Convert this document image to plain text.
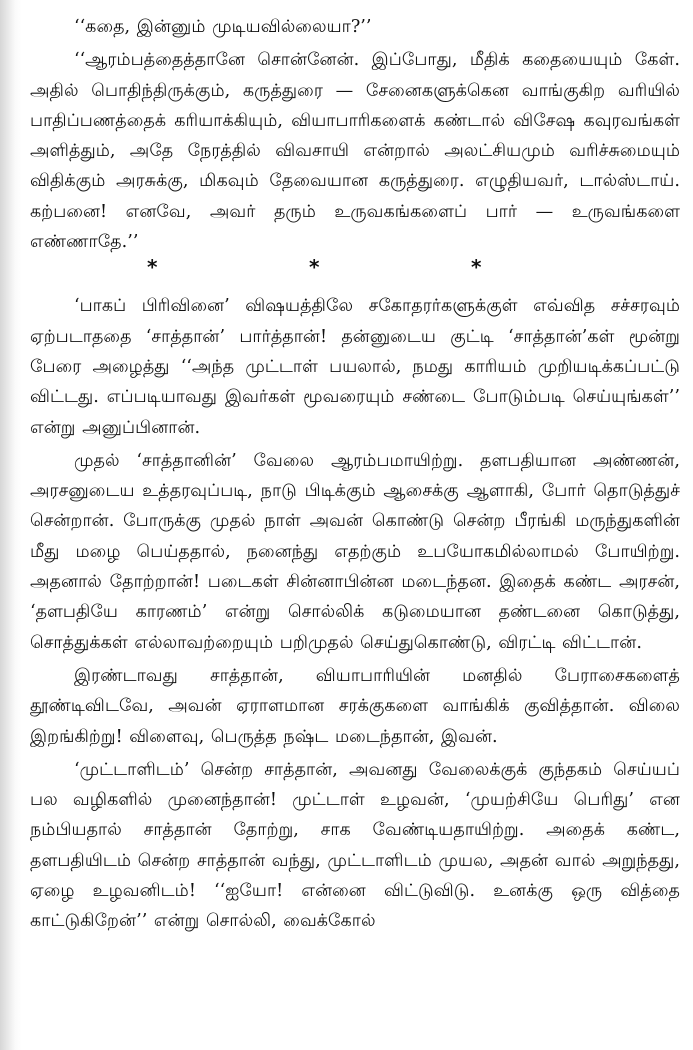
‘‘கதை, இன்னும் முடியவில்லையா?’’

‘‘ஆரம்பத்தைத்தானே சொன்னேன். இப்போது, மீதிக் கதையையும் கேள். அதில் பொதிந்திருக்கும், கருத்துரை — சேனைகளுக்கென வாங்குகிற வரியில் பாதிப்பணத்தைக் கரியாக்கியும், வியாபாரிகளைக் கண்டால் விசேஷ கவுரவங்கள் அளித்தும், அதே நேரத்தில் விவசாயி என்றால் அலட்சியமும் வரிச்சுமையும் விதிக்கும் அரசுக்கு, மிகவும் தேவையான கருத்துரை. எழுதியவர், டால்ஸ்டாய். கற்பனை! எனவே, அவர் தரும் உருவகங்களைப் பார் — உருவங்களை எண்ணாதே.’’

*	*	*

‘பாகப் பிரிவினை’ விஷயத்திலே சகோதரர்களுக்குள் எவ்வித சச்சரவும் ஏற்படாததை ‘சாத்தான்’ பார்த்தான்! தன்னுடைய குட்டி ‘சாத்தான்’கள் மூன்று பேரை அழைத்து ‘‘அந்த முட்டாள் பயலால், நமது காரியம் முறியடிக்கப்பட்டு விட்டது. எப்படியாவது இவர்கள் மூவரையும் சண்டை போடும்படி செய்யுங்கள்’’ என்று அனுப்பினான்.

முதல் ‘சாத்தானின்’ வேலை ஆரம்பமாயிற்று. தளபதியான அண்ணன், அரசனுடைய உத்தரவுப்படி, நாடு பிடிக்கும் ஆசைக்கு ஆளாகி, போர் தொடுத்துச் சென்றான். போருக்கு முதல் நாள் அவன் கொண்டு சென்ற பீரங்கி மருந்துகளின் மீது மழை பெய்ததால், நனைந்து எதற்கும் உபயோகமில்லாமல் போயிற்று. அதனால் தோற்றான்! படைகள் சின்னாபின்ன மடைந்தன. இதைக் கண்ட அரசன், ‘தளபதியே காரணம்’ என்று சொல்லிக் கடுமையான தண்டனை கொடுத்து, சொத்துக்கள் எல்லாவற்றையும் பறிமுதல் செய்துகொண்டு, விரட்டி விட்டான்.

இரண்டாவது சாத்தான், வியாபாரியின் மனதில் பேராசைகளைத் தூண்டிவிடவே, அவன் ஏராளமான சரக்குகளை வாங்கிக் குவித்தான். விலை இறங்கிற்று! விளைவு, பெருத்த நஷ்ட மடைந்தான், இவன்.

‘முட்டாளிடம்’ சென்ற சாத்தான், அவனது வேலைக்குக் குந்தகம் செய்யப் பல வழிகளில் முனைந்தான்! முட்டாள் உழவன், ‘முயற்சியே பெரிது’ என நம்பியதால் சாத்தான் தோற்று, சாக வேண்டியதாயிற்று. அதைக் கண்ட, தளபதியிடம் சென்ற சாத்தான் வந்து, முட்டாளிடம் முயல, அதன் வால் அறுந்தது, ஏழை உழவனிடம்! ‘‘ஐயோ! என்னை விட்டுவிடு. உனக்கு ஒரு வித்தை காட்டுகிறேன்’’ என்று சொல்லி, வைக்கோல்
